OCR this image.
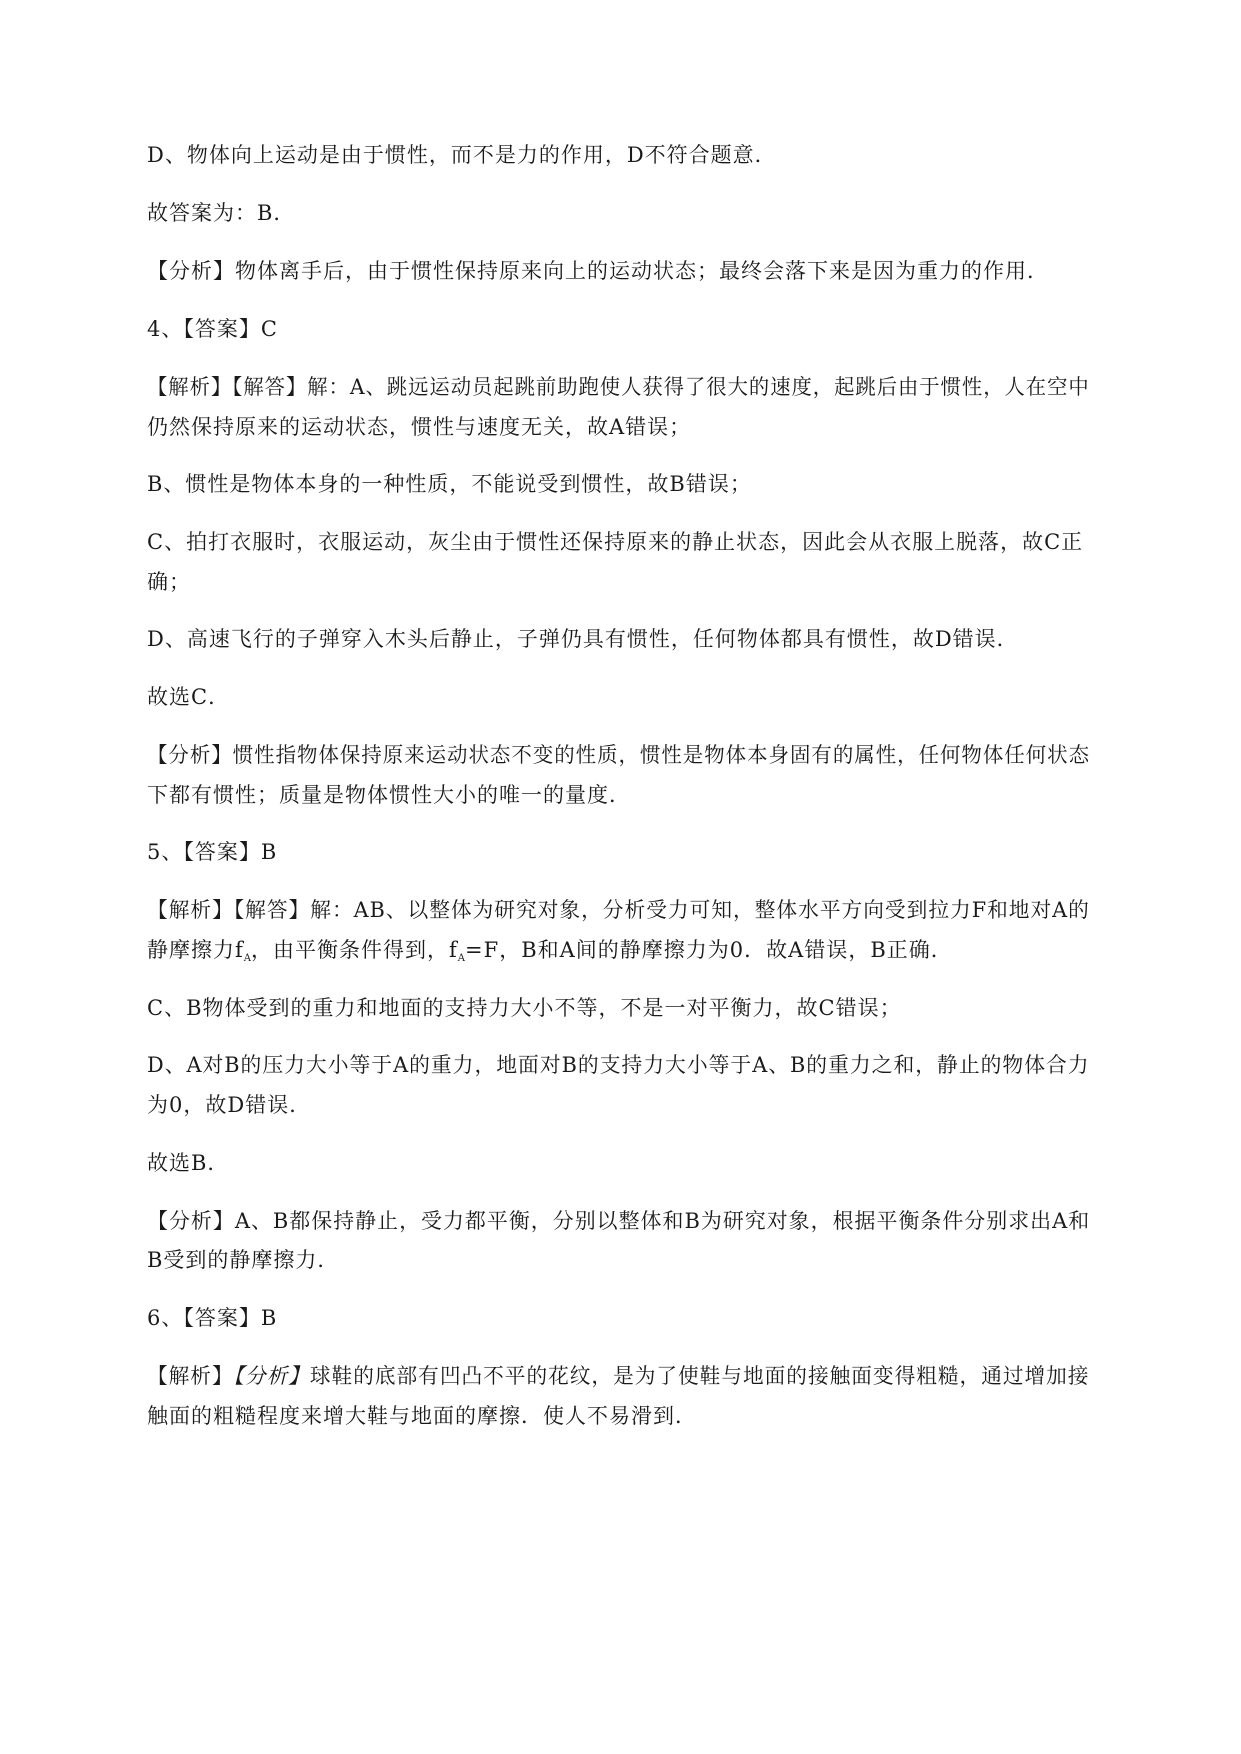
D、物体向上运动是由于惯性，而不是力的作用，D不符合题意．
故答案为：B．
【分析】物体离手后，由于惯性保持原来向上的运动状态；最终会落下来是因为重力的作用．
4、【答案】C
【解析】【解答】解：A、跳远运动员起跳前助跑使人获得了很大的速度，起跳后由于惯性，人在空中
仍然保持原来的运动状态，惯性与速度无关，故A错误；
B、惯性是物体本身的一种性质，不能说受到惯性，故B错误；
C、拍打衣服时，衣服运动，灰尘由于惯性还保持原来的静止状态，因此会从衣服上脱落，故C正
确；
D、高速飞行的子弹穿入木头后静止，子弹仍具有惯性，任何物体都具有惯性，故D错误．
故选C．
【分析】惯性指物体保持原来运动状态不变的性质，惯性是物体本身固有的属性，任何物体任何状态
下都有惯性；质量是物体惯性大小的唯一的量度．
5、【答案】B
【解析】【解答】解：AB、以整体为研究对象，分析受力可知，整体水平方向受到拉力F和地对A的
静摩擦力$f_A$，由平衡条件得到，$f_A=F$，B和A间的静摩擦力为0．故A错误，B正确．
C、B物体受到的重力和地面的支持力大小不等，不是一对平衡力，故C错误；
D、A对B的压力大小等于A的重力，地面对B的支持力大小等于A、B的重力之和，静止的物体合力
为0，故D错误．
故选B．
【分析】A、B都保持静止，受力都平衡，分别以整体和B为研究对象，根据平衡条件分别求出A和
B受到的静摩擦力．
6、【答案】B
【解析】【分析】球鞋的底部有凹凸不平的花纹，是为了使鞋与地面的接触面变得粗糙，通过增加接
触面的粗糙程度来增大鞋与地面的摩擦．使人不易滑到．
